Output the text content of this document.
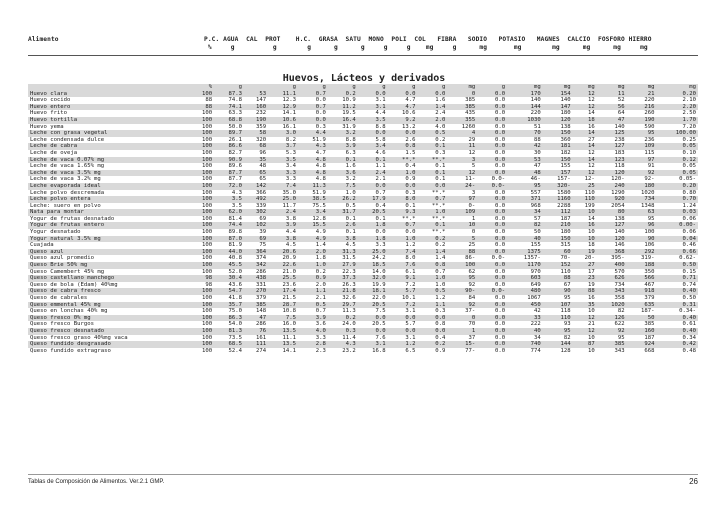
Alimento	P.C. AGUA  CAL  PROT    H.C.  GRASA  SATU  MONO  POLI  COL   FIBRA   SODIO   POTASIO   MAGNES  CALCIO  FOSFORO HIERRO
%     g          g        g      g      g     g     g    mg     g      mg       mg        mg      mg      mg     mg
Huevos, Lácteos y derivados
	%	g		g	g	g	g	g	g	mg	g	mg	mg	mg	mg	mg	mg
Huevo clara	100	87.3	53	11.1	0.7	0.2	0.0	0.0	0.0	0	0.0	170	154	12	11	21	0.20
Huevo cocido	88	74.8	147	12.3	0.0	10.9	3.1	4.7	1.6	385	0.0	140	140	12	52	220	2.10
Huevo entero	88	74.1	160	12.9	0.7	11.2	3.1	4.7	1.4	385	0.0	144	147	12	56	216	2.20
Huevo frito	100	63.3	232	14.1	0.0	19.5	4.4	10.6	2.4	435	0.0	220	180	14	64	260	2.50
Huevo tortilla	100	68.8	190	10.6	0.0	16.4	3.5	9.2	2.0	355	0.0	1030	120	18	47	190	1.70
Huevo yema	100	50.0	359	16.1	0.3	31.9	8.8	13.2	4.0	1260	0.0	51	138	16	140	590	7.20
Leche con grasa vegetal	100	89.7	58	3.0	4.4	3.2	0.0	0.0	0.5	4	0.0	70	150	14	125	95	100.00
Leche condensada dulce	100	26.1	320	8.2	51.9	8.8	5.8	2.6	0.2	29	0.0	88	360	27	238	236	0.25
Leche de cabra	100	86.6	68	3.7	4.3	3.9	3.4	0.8	0.1	11	0.0	42	181	14	127	109	0.05
Leche de oveja	100	82.7	96	5.3	4.7	6.3	4.6	1.5	0.3	12	0.0	30	182	12	183	115	0.10
Leche de vaca 0.07% mg	100	90.9	35	3.5	4.8	0.1	0.1	**.*	**.*	3	0.0	53	150	14	123	97	0.12
Leche de vaca 1.65% mg	100	89.6	48	3.4	4.8	1.6	1.1	0.4	0.1	5	0.0	47	155	12	118	91	0.05
Leche de vaca 3.5% mg	100	87.7	65	3.3	4.8	3.6	2.4	1.0	0.1	12	0.0	48	157	12	120	92	0.05
Leche de vaca 3.2% mg	100	87.7	65	3.3	4.8	3.2	2.1	0.9	0.1	11-	0.0-	46-	157-	12-	120-	92-	0.05-
Leche evaporada ideal	100	72.0	142	7.4	11.3	7.5	0.0	0.0	0.0	24-	0.0-	95	320-	25	240	180	0.20
Leche polvo descremada	100	4.3	366	35.0	51.9	1.0	0.7	0.3	**.*	3	0.0	557	1580	110	1290	1020	0.80
Leche polvo entera	100	3.5	492	25.0	38.5	26.2	17.9	8.0	0.7	97	0.0	371	1160	110	920	734	0.70
Leche: suero en polvo	100	3.5	339	11.7	75.5	0.5	0.4	0.1	**.*	0-	0.0	968	2288	199	2054	1348	1.24
Nata para montar	100	62.0	302	2.4	3.4	31.7	20.5	9.3	1.0	109	0.0	34	112	10	80	63	0.03
Yogur de frutas desnatado	100	81.4	69	3.8	12.8	0.1	0.1	**.*	**.*	1	0.0	57	187	14	138	95	0.06
Yogur de frutas entero	100	74.4	102	3.9	15.5	2.6	1.8	0.7	0.1	10	0.0	82	210	16	127	96	0.00-
Yogur desnatado	100	89.8	39	4.4	4.9	0.1	0.0	0.0	**.*	0	0.0	50	180	10	140	100	0.06
Yogur natural 3.5% mg	100	87.0	69	3.8	4.9	3.8	1.8	1.0	0.2	5	0.0	40	150	10	120	90	0.04
Cuajada	100	81.9	75	4.5	1.4	4.5	3.3	1.2	0.2	25	0.0	155	315	18	146	106	0.46
Queso azul	100	44.0	364	20.6	2.0	31.3	25.0	7.4	1.4	88	0.0	1375	60	19	368	292	0.66
Queso azul promedio	100	40.8	374	20.9	1.8	31.5	24.2	8.0	1.4	86-	0.0-	1357-	70-	20-	395-	319-	0.62-
Queso Brie 50% mg	100	45.5	342	22.6	1.0	27.9	18.5	7.6	0.8	100	0.0	1170	152	27	400	188	0.50
Queso Camembert 45% mg	100	52.0	286	21.0	0.2	22.3	14.0	6.1	0.7	62	0.0	970	110	17	570	350	0.15
Queso castellano manchego	98	30.4	438	25.5	0.9	37.3	32.0	9.1	1.0	95	0.0	603	88	23	626	566	0.71
Queso de bola (Edam) 40%mg	98	43.6	331	23.6	2.0	26.3	19.9	7.2	1.0	92	0.0	649	67	19	734	467	0.74
Queso de cabra fresco	100	54.7	270	17.4	1.1	21.8	18.1	5.7	0.5	90-	0.0-	480	90	88	343	918	0.40
Queso de cabrales	100	41.8	379	21.5	2.1	32.6	22.0	10.1	1.2	84	0.0	1067	95	16	358	379	0.50
Queso emmental 45% mg	100	35.7	385	28.7	0.5	29.7	20.5	7.2	1.1	92	0.0	450	107	35	1020	635	0.31
Queso en lonchas 40% mg	100	75.0	148	10.8	0.7	11.3	7.5	3.1	0.3	37-	0.0	42	118	10	82	187-	0.34-
Queso fresco 0% mg	100	86.3	47	7.5	3.9	0.2	0.0	0.0	0.0	0	0.0	33	110	12	126	50	0.40
Queso fresco Burgos	100	54.0	286	16.0	3.6	24.0	20.5	5.7	0.8	70	0.0	222	93	21	622	385	0.61
Queso fresco desnatado	100	81.3	76	13.5	4.0	0.3	0.0	0.0	0.0	1	0.0	40	95	12	92	160	0.40
Queso fresco graso 40%mg vaca	100	73.5	161	11.1	3.3	11.4	7.6	3.1	0.4	37	0.0	34	82	10	95	187	0.34
Queso fundido desgrasado	100	68.5	111	13.5	2.8	4.3	3.1	1.2	0.2	15-	0.0	740	144	87	385	924	0.42
Queso fundido extragraso	100	52.4	274	14.1	2.3	23.2	16.8	6.5	0.9	77-	0.0	774	128	10	343	668	0.48
Tablas de Composición de Alimentos. Ver.2.1 GMP.	26
